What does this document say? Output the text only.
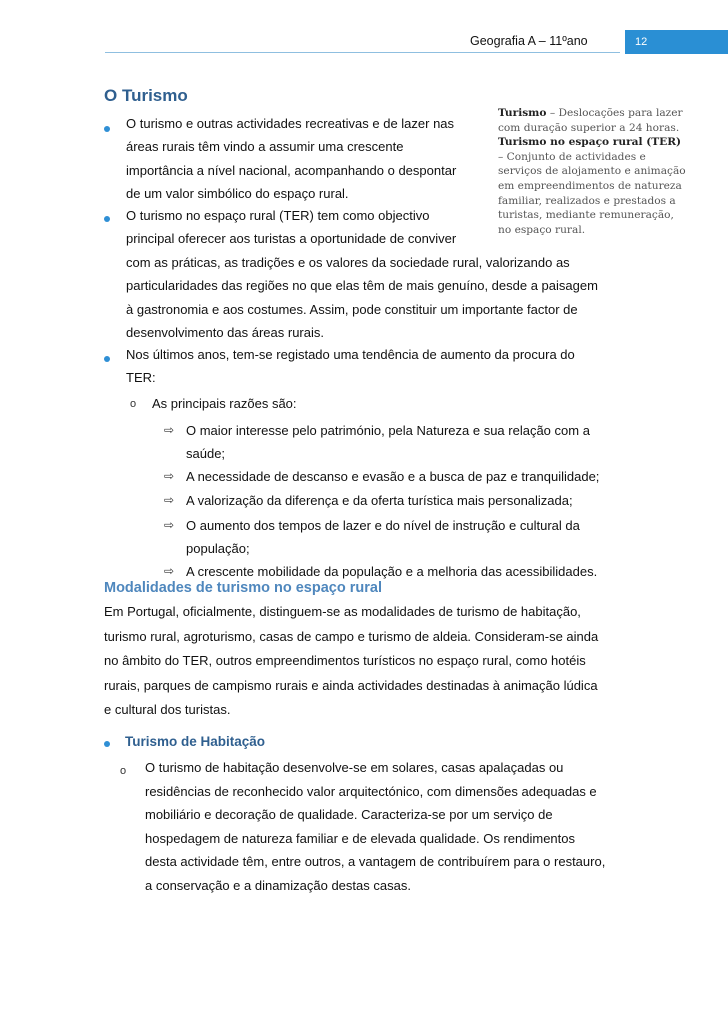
Geografia A – 11ºano	12
O Turismo
Turismo – Deslocações para lazer com duração superior a 24 horas.
Turismo no espaço rural (TER) – Conjunto de actividades e serviços de alojamento e animação em empreendimentos de natureza familiar, realizados e prestados a turistas, mediante remuneração, no espaço rural.
O turismo e outras actividades recreativas e de lazer nas
áreas rurais têm vindo a assumir uma crescente
importância a nível nacional, acompanhando o despontar
de um valor simbólico do espaço rural.
O turismo no espaço rural (TER) tem como objectivo
principal oferecer aos turistas a oportunidade de conviver
com as práticas, as tradições e os valores da sociedade rural, valorizando as
particularidades das regiões no que elas têm de mais genuíno, desde a paisagem
à gastronomia e aos costumes. Assim, pode constituir um importante factor de
desenvolvimento das áreas rurais.
Nos últimos anos, tem-se registado uma tendência de aumento da procura do
TER:
o As principais razões são:
⇨ O maior interesse pelo património, pela Natureza e sua relação com a
saúde;
⇨ A necessidade de descanso e evasão e a busca de paz e tranquilidade;
⇨ A valorização da diferença e da oferta turística mais personalizada;
⇨ O aumento dos tempos de lazer e do nível de instrução e cultural da
população;
⇨ A crescente mobilidade da população e a melhoria das acessibilidades.
Modalidades de turismo no espaço rural
Em Portugal, oficialmente, distinguem-se as modalidades de turismo de habitação,
turismo rural, agroturismo, casas de campo e turismo de aldeia. Consideram-se ainda
no âmbito do TER, outros empreendimentos turísticos no espaço rural, como hotéis
rurais, parques de campismo rurais e ainda actividades destinadas à animação lúdica
e cultural dos turistas.
Turismo de Habitação
o O turismo de habitação desenvolve-se em solares, casas apalaçadas ou
residências de reconhecido valor arquitectónico, com dimensões adequadas e
mobiliário e decoração de qualidade. Caracteriza-se por um serviço de
hospedagem de natureza familiar e de elevada qualidade. Os rendimentos
desta actividade têm, entre outros, a vantagem de contribuírem para o restauro,
a conservação e a dinamização destas casas.
